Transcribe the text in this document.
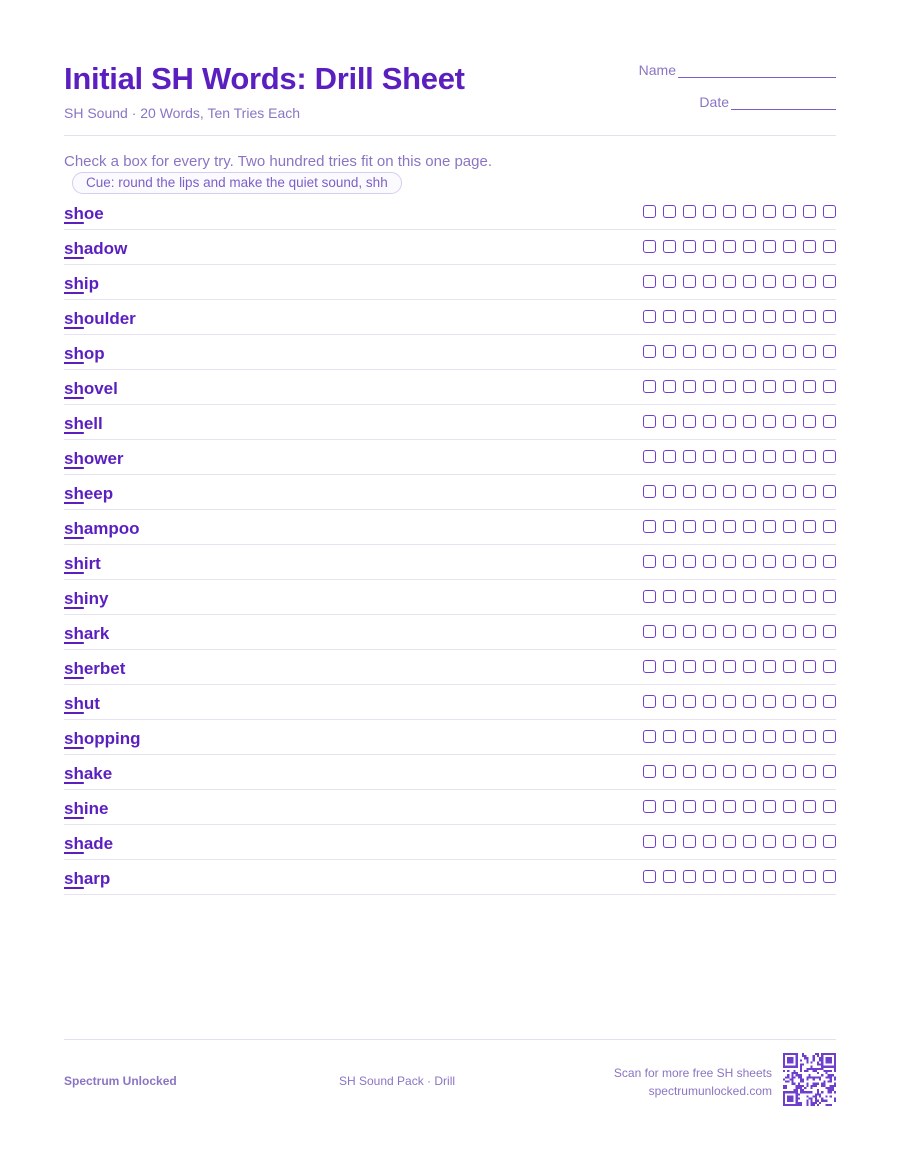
Initial SH Words: Drill Sheet
SH Sound · 20 Words, Ten Tries Each
Name
Date
Check a box for every try. Two hundred tries fit on this one page. Cue: round the lips and make the quiet sound, shh
shoe
shadow
ship
shoulder
shop
shovel
shell
shower
sheep
shampoo
shirt
shiny
shark
sherbet
shut
shopping
shake
shine
shade
sharp
Spectrum Unlocked	SH Sound Pack · Drill
Scan for more free SH sheets
spectrumunlocked.com
